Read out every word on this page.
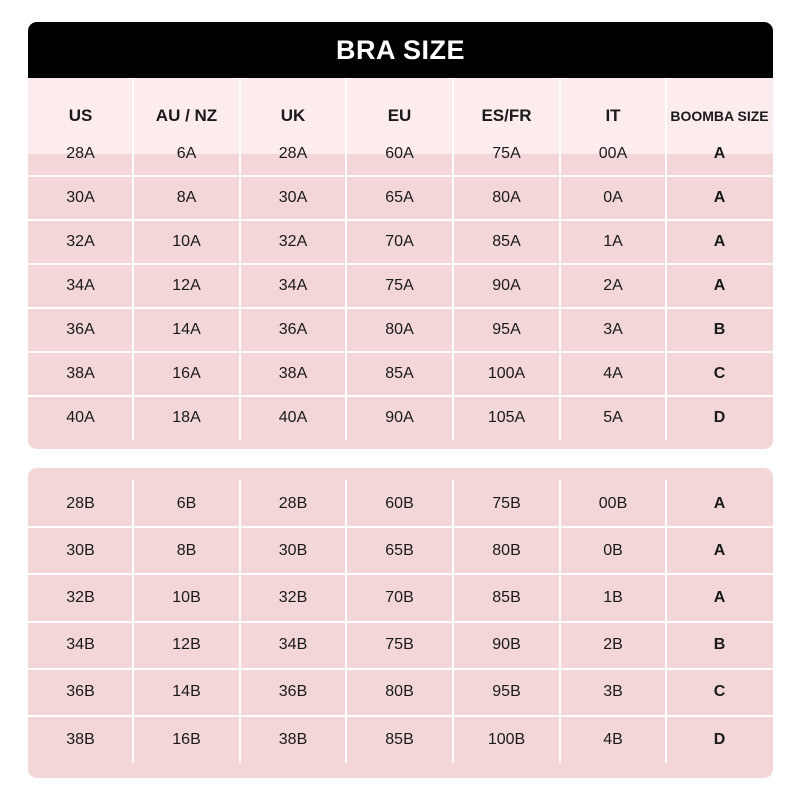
BRA SIZE
US	AU / NZ	UK	EU	ES/FR	IT	BOOMBA SIZE
28A	6A	28A	60A	75A	00A	A
30A	8A	30A	65A	80A	0A	A
32A	10A	32A	70A	85A	1A	A
34A	12A	34A	75A	90A	2A	A
36A	14A	36A	80A	95A	3A	B
38A	16A	38A	85A	100A	4A	C
40A	18A	40A	90A	105A	5A	D
28B	6B	28B	60B	75B	00B	A
30B	8B	30B	65B	80B	0B	A
32B	10B	32B	70B	85B	1B	A
34B	12B	34B	75B	90B	2B	B
36B	14B	36B	80B	95B	3B	C
38B	16B	38B	85B	100B	4B	D
